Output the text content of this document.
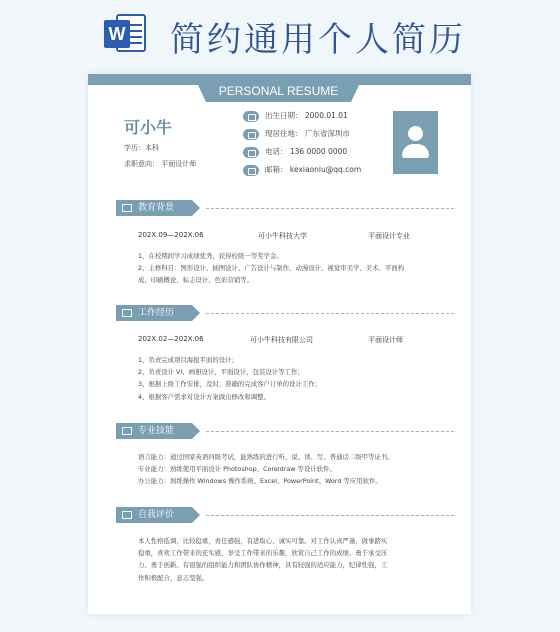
W 简约通用个人简历
PERSONAL RESUME
可小牛
学历：本科
求职意向： 平面设计师
出生日期： 2000.01.01
现居住地： 广东省深圳市
电话： 136 0000 0000
邮箱： kexiaoniu@qq.com
教育背景
202X.09—202X.06	可小牛科技大学	平面设计专业
1、在校期间学习成绩优秀，获得校级一等奖学金。
2、主修科目：图形设计、插图设计、广告设计与制作、动漫设计、视觉审美学、美术、平面构
成、印刷概论、标志设计、色彩营销等。
工作经历
202X.02—202X.06	可小牛科技有限公司	平面设计师
1、负责完成项目海报平面的设计；
2、负责设计 VI、画册设计，平面设计，包装设计等工作；
3、根据上级工作安排，及时、准确的完成客户订单的设计工作；
4、根据客户需求对设计方案做出修改和调整。
专业技能
语言能力：通过国家英语四级考试，能熟练的进行听、说、读、写。普通话二级甲等证书。
专业能力：熟练使用平面设计 Photoshop、Coreldraw 等设计软件。
办公能力：熟练操作 Windows 操作系统、Excel、PowerPoint、Word 等应用软件。
自我评价
本人性格低调，比较稳重，责任感强，有进取心，诚实可靠。对工作认真严谨，做事踏实
稳重，喜欢工作带来的充实感，享受工作带来的乐趣，欣赏自己工作的成绩。勇于承受压
力、勇于创新。有很强的组织能力和团队协作精神，具有较强的适应能力，纪律性强，工
作积极配合，意志坚强。
